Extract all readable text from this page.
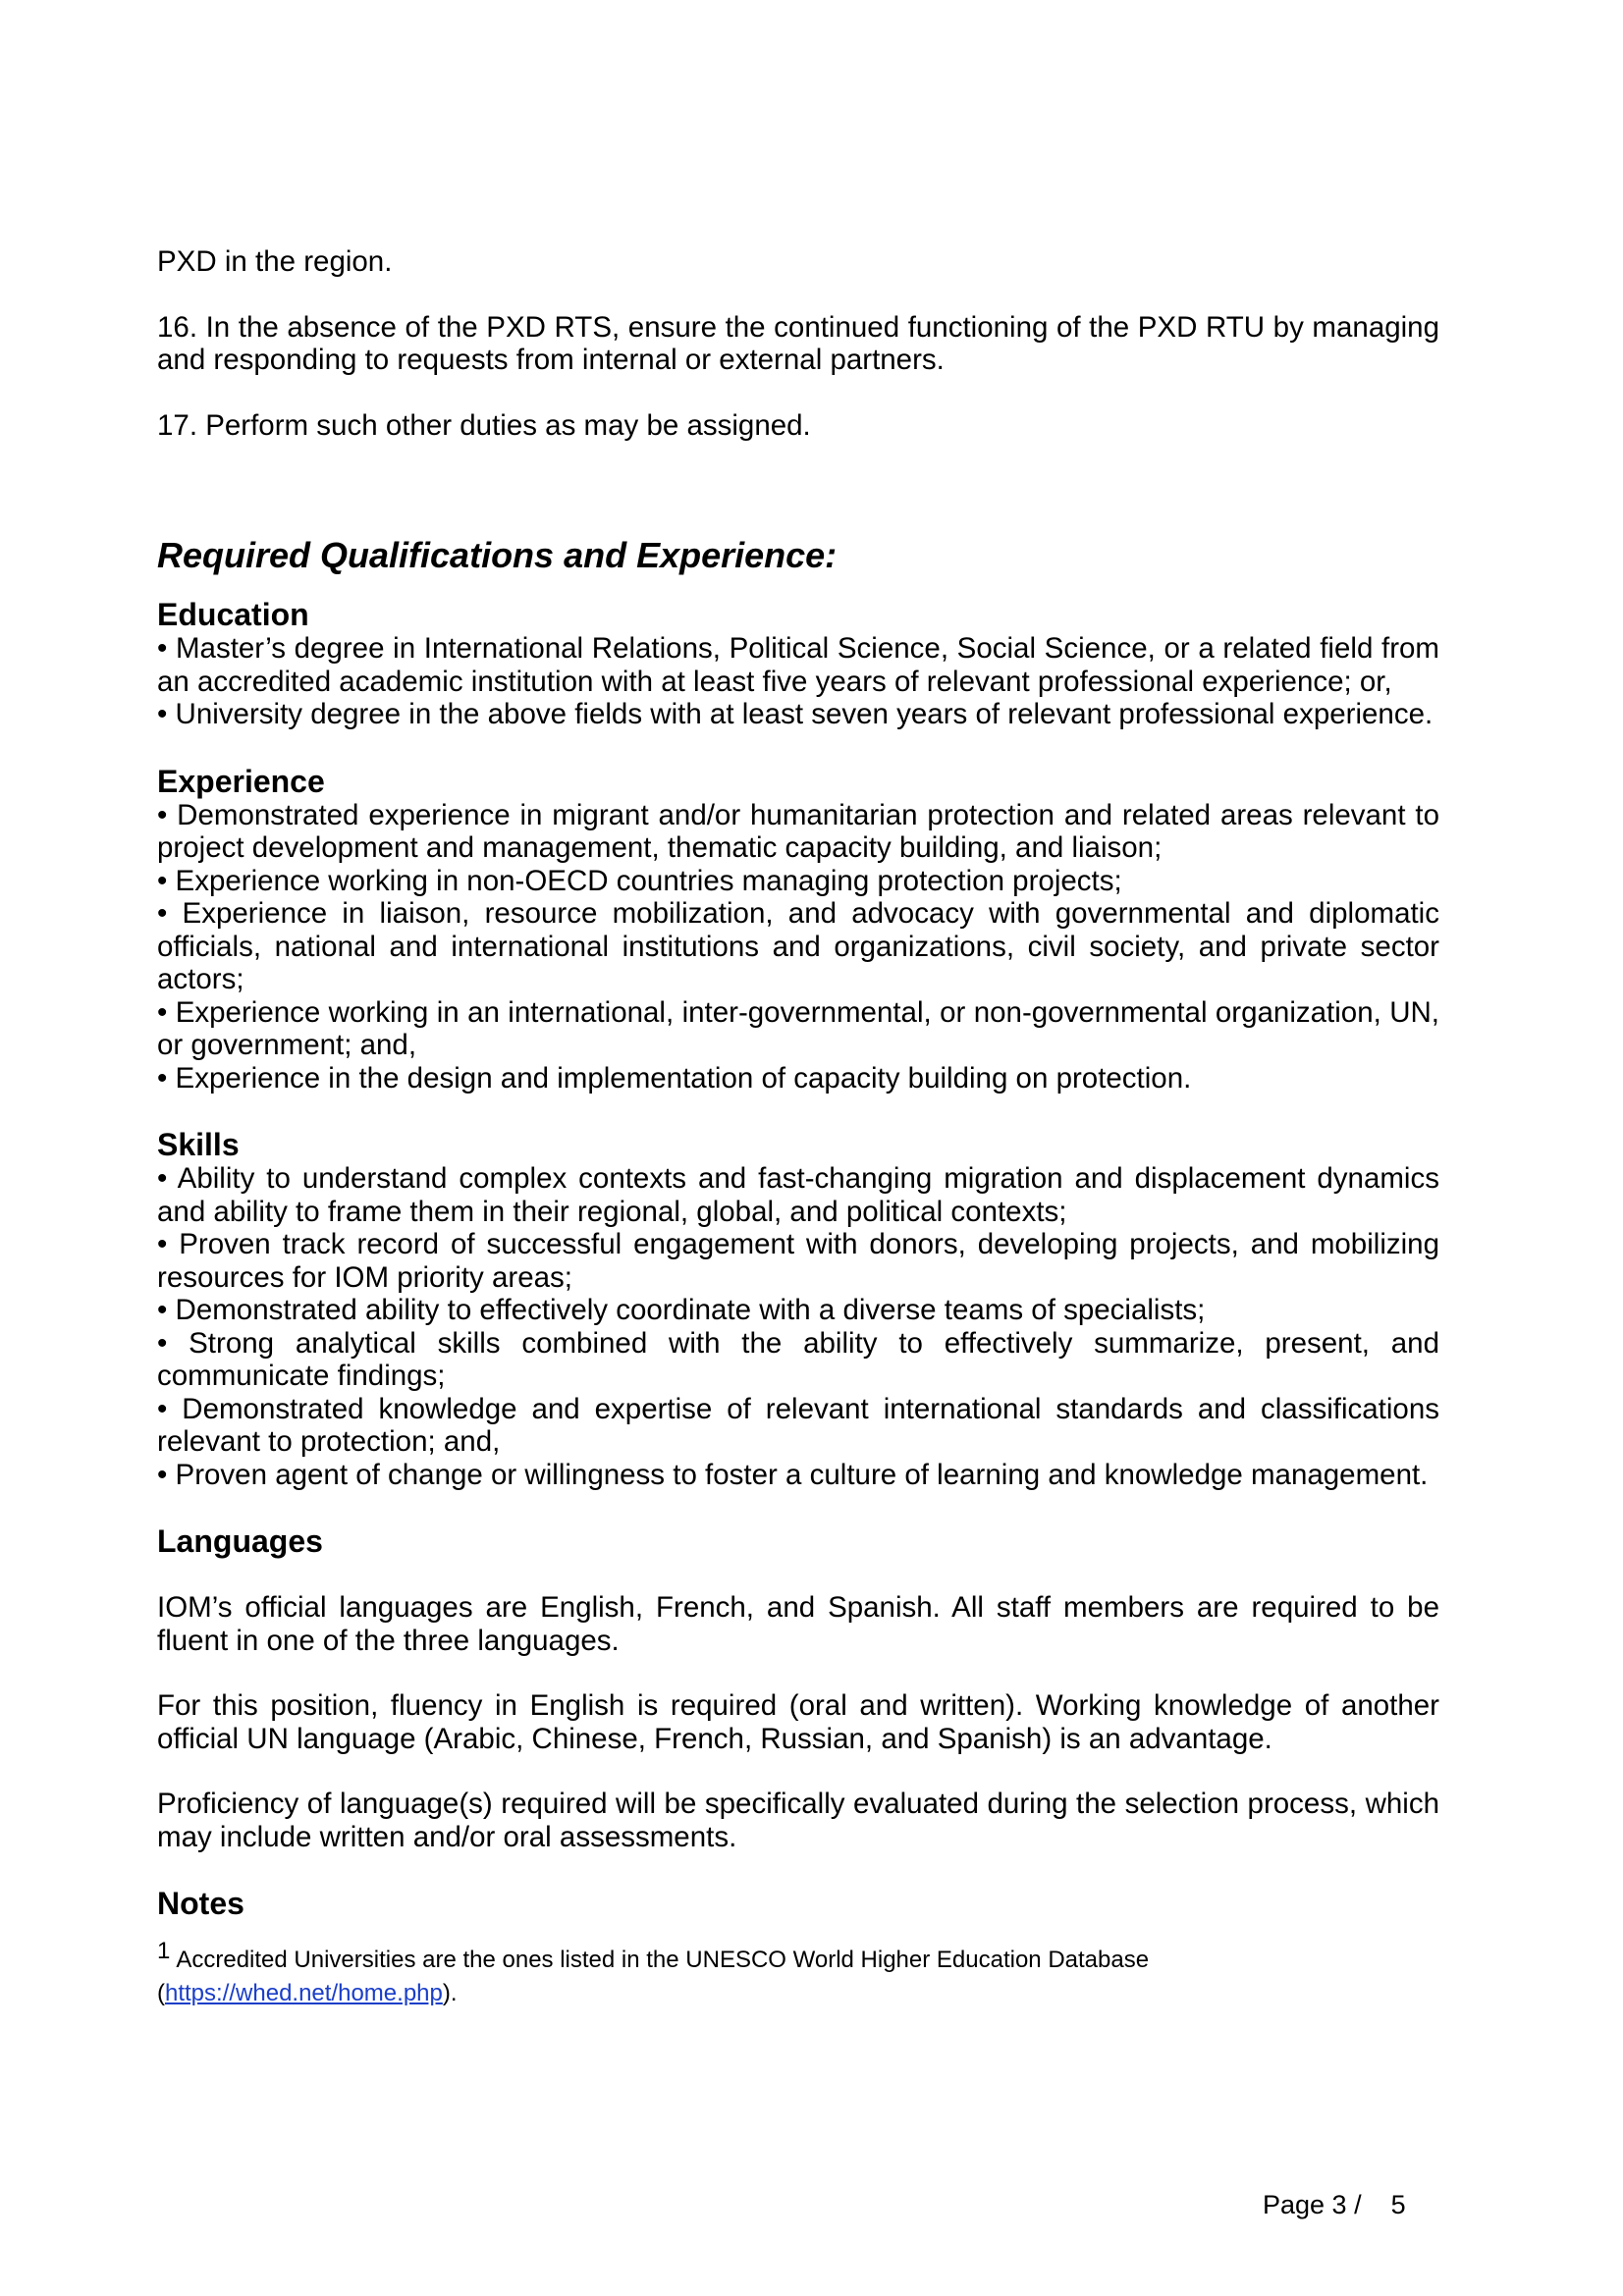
PXD in the region.

16. In the absence of the PXD RTS, ensure the continued functioning of the PXD RTU by managing and responding to requests from internal or external partners.

17. Perform such other duties as may be assigned.

Required Qualifications and Experience:
Education

• Master’s degree in International Relations, Political Science, Social Science, or a related field from an accredited academic institution with at least five years of relevant professional experience; or,

• University degree in the above fields with at least seven years of relevant professional experience.

Experience

• Demonstrated experience in migrant and/or humanitarian protection and related areas relevant to project development and management, thematic capacity building, and liaison;

• Experience working in non-OECD countries managing protection projects;

• Experience in liaison, resource mobilization, and advocacy with governmental and diplomatic officials, national and international institutions and organizations, civil society, and private sector actors;

• Experience working in an international, inter-governmental, or non-governmental organization, UN, or government; and,

• Experience in the design and implementation of capacity building on protection.

Skills

• Ability to understand complex contexts and fast-changing migration and displacement dynamics and ability to frame them in their regional, global, and political contexts;

• Proven track record of successful engagement with donors, developing projects, and mobilizing resources for IOM priority areas;

• Demonstrated ability to effectively coordinate with a diverse teams of specialists;

• Strong analytical skills combined with the ability to effectively summarize, present, and communicate findings;

• Demonstrated knowledge and expertise of relevant international standards and classifications relevant to protection; and,

• Proven agent of change or willingness to foster a culture of learning and knowledge management.

Languages

IOM’s official languages are English, French, and Spanish. All staff members are required to be fluent in one of the three languages.

For this position, fluency in English is required (oral and written). Working knowledge of another official UN language (Arabic, Chinese, French, Russian, and Spanish) is an advantage.

Proficiency of language(s) required will be specifically evaluated during the selection process, which may include written and/or oral assessments.

Notes

$^1$ Accredited Universities are the ones listed in the UNESCO World Higher Education Database
(https://whed.net/home.php).

Page 3 /    5
